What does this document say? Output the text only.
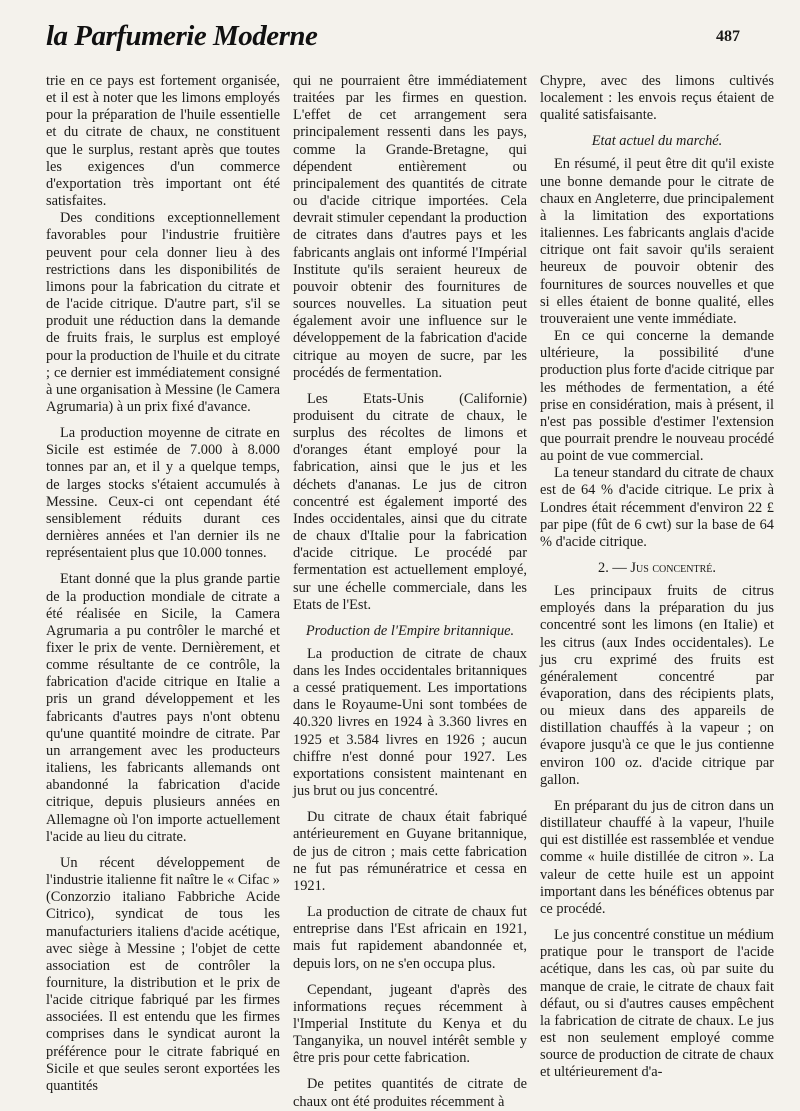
la Parfumerie Moderne	487

trie en ce pays est fortement organisée, et il est à noter que les limons employés pour la préparation de l'huile essentielle et du citrate de chaux, ne constituent que le surplus, restant après que toutes les exigences d'un commerce d'exportation très important ont été satisfaites.

Des conditions exceptionnellement favorables pour l'industrie fruitière peuvent pour cela donner lieu à des restrictions dans les disponibilités de limons pour la fabrication du citrate et de l'acide citrique. D'autre part, s'il se produit une réduction dans la demande de fruits frais, le surplus est employé pour la production de l'huile et du citrate ; ce dernier est immédiatement consigné à une organisation à Messine (le Camera Agrumaria) à un prix fixé d'avance.

La production moyenne de citrate en Sicile est estimée de 7.000 à 8.000 tonnes par an, et il y a quelque temps, de larges stocks s'étaient accumulés à Messine. Ceux-ci ont cependant été sensiblement réduits durant ces dernières années et l'an dernier ils ne représentaient plus que 10.000 tonnes.

Etant donné que la plus grande partie de la production mondiale de citrate a été réalisée en Sicile, la Camera Agrumaria a pu contrôler le marché et fixer le prix de vente. Dernièrement, et comme résultante de ce contrôle, la fabrication d'acide citrique en Italie a pris un grand développement et les fabricants d'autres pays n'ont obtenu qu'une quantité moindre de citrate. Par un arrangement avec les producteurs italiens, les fabricants allemands ont abandonné la fabrication d'acide citrique, depuis plusieurs années en Allemagne où l'on importe actuellement l'acide au lieu du citrate.

Un récent développement de l'industrie italienne fit naître le « Cifac » (Conzorzio italiano Fabbriche Acide Citrico), syndicat de tous les manufacturiers italiens d'acide acétique, avec siège à Messine ; l'objet de cette association est de contrôler la fourniture, la distribution et le prix de l'acide citrique fabriqué par les firmes associées. Il est entendu que les firmes comprises dans le syndicat auront la préférence pour le citrate fabriqué en Sicile et que seules seront exportées les quantités

qui ne pourraient être immédiatement traitées par les firmes en question. L'effet de cet arrangement sera principalement ressenti dans les pays, comme la Grande-Bretagne, qui dépendent entièrement ou principalement des quantités de citrate ou d'acide citrique importées. Cela devrait stimuler cependant la production de citrates dans d'autres pays et les fabricants anglais ont informé l'Impérial Institute qu'ils seraient heureux de pouvoir obtenir des fournitures de sources nouvelles. La situation peut également avoir une influence sur le développement de la fabrication d'acide citrique au moyen de sucre, par les procédés de fermentation.

Les Etats-Unis (Californie) produisent du citrate de chaux, le surplus des récoltes de limons et d'oranges étant employé pour la fabrication, ainsi que le jus et les déchets d'ananas. Le jus de citron concentré est également importé des Indes occidentales, ainsi que du citrate de chaux d'Italie pour la fabrication d'acide citrique. Le procédé par fermentation est actuellement employé, sur une échelle commerciale, dans les Etats de l'Est.

Production de l'Empire britannique.

La production de citrate de chaux dans les Indes occidentales britanniques a cessé pratiquement. Les importations dans le Royaume-Uni sont tombées de 40.320 livres en 1924 à 3.360 livres en 1925 et 3.584 livres en 1926 ; aucun chiffre n'est donné pour 1927. Les exportations consistent maintenant en jus brut ou jus concentré.

Du citrate de chaux était fabriqué antérieurement en Guyane britannique, de jus de citron ; mais cette fabrication ne fut pas rémunératrice et cessa en 1921.

La production de citrate de chaux fut entreprise dans l'Est africain en 1921, mais fut rapidement abandonnée et, depuis lors, on ne s'en occupa plus.

Cependant, jugeant d'après des informations reçues récemment à l'Imperial Institute du Kenya et du Tanganyika, un nouvel intérêt semble y être pris pour cette fabrication.

De petites quantités de citrate de chaux ont été produites récemment à

Chypre, avec des limons cultivés localement : les envois reçus étaient de qualité satisfaisante.

Etat actuel du marché.

En résumé, il peut être dit qu'il existe une bonne demande pour le citrate de chaux en Angleterre, due principalement à la limitation des exportations italiennes. Les fabricants anglais d'acide citrique ont fait savoir qu'ils seraient heureux de pouvoir obtenir des fournitures de sources nouvelles et que si elles étaient de bonne qualité, elles trouveraient une vente immédiate.

En ce qui concerne la demande ultérieure, la possibilité d'une production plus forte d'acide citrique par les méthodes de fermentation, a été prise en considération, mais à présent, il n'est pas possible d'estimer l'extension que pourrait prendre le nouveau procédé au point de vue commercial.

La teneur standard du citrate de chaux est de 64 % d'acide citrique. Le prix à Londres était récemment d'environ 22 £ par pipe (fût de 6 cwt) sur la base de 64 % d'acide citrique.

2. — Jus concentré.

Les principaux fruits de citrus employés dans la préparation du jus concentré sont les limons (en Italie) et les citrus (aux Indes occidentales). Le jus cru exprimé des fruits est généralement concentré par évaporation, dans des récipients plats, ou mieux dans des appareils de distillation chauffés à la vapeur ; on évapore jusqu'à ce que le jus contienne environ 100 oz. d'acide citrique par gallon.

En préparant du jus de citron dans un distillateur chauffé à la vapeur, l'huile qui est distillée est rassemblée et vendue comme « huile distillée de citron ». La valeur de cette huile est un appoint important dans les bénéfices obtenus par ce procédé.

Le jus concentré constitue un médium pratique pour le transport de l'acide acétique, dans les cas, où par suite du manque de craie, le citrate de chaux fait défaut, ou si d'autres causes empêchent la fabrication de citrate de chaux. Le jus est non seulement employé comme source de production de citrate de chaux et ultérieurement d'a-
